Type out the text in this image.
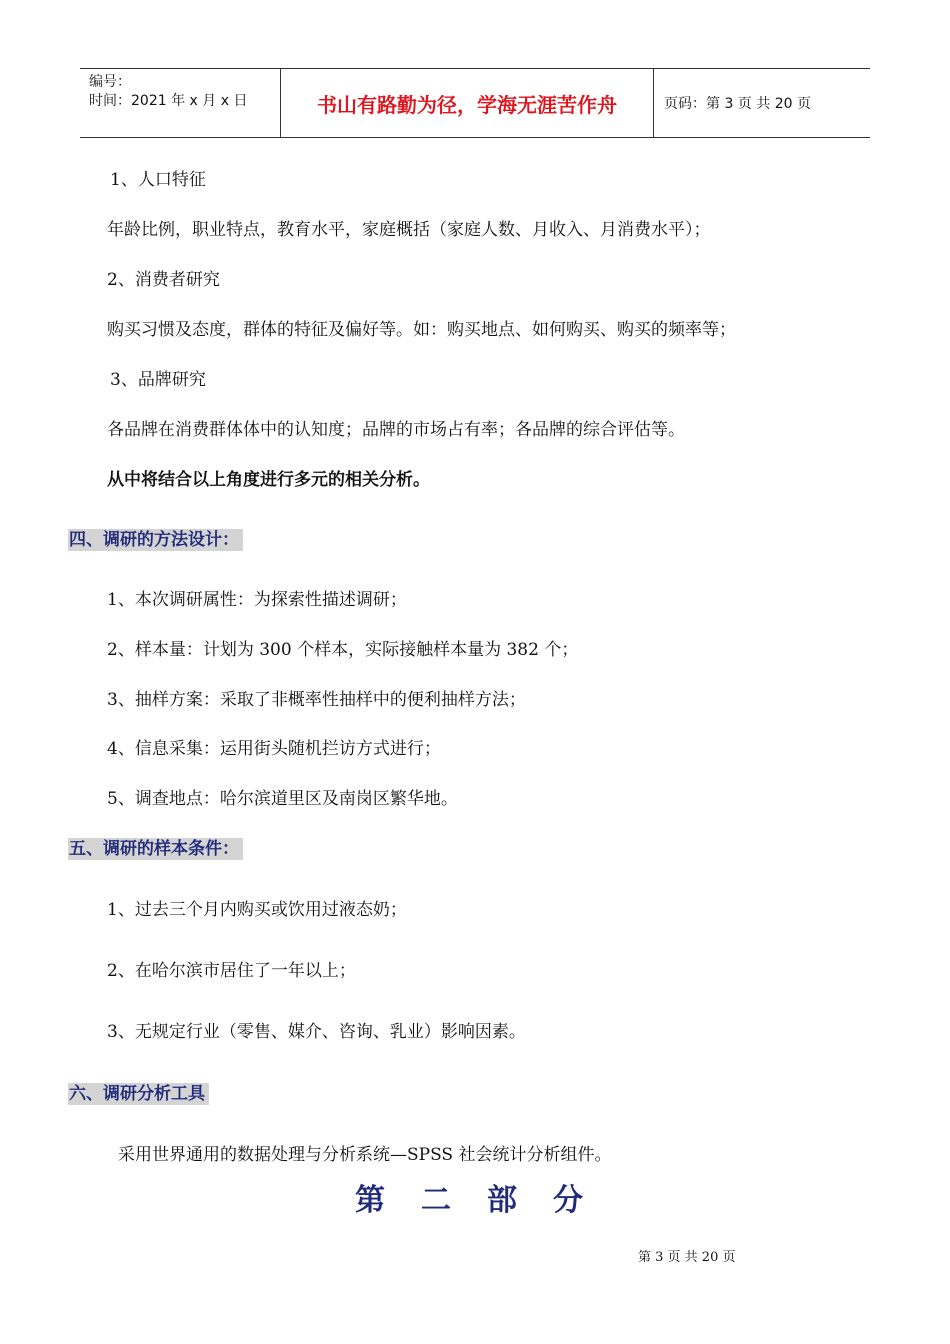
编号：
时间：2021 年 x 月 x 日	书山有路勤为径，学海无涯苦作舟	页码：第 3 页 共 20 页
1、人口特征
年龄比例，职业特点，教育水平，家庭概括（家庭人数、月收入、月消费水平）；
2、消费者研究
购买习惯及态度，群体的特征及偏好等。如：购买地点、如何购买、购买的频率等；
3、品牌研究
各品牌在消费群体体中的认知度；品牌的市场占有率；各品牌的综合评估等。
从中将结合以上角度进行多元的相关分析。
四、调研的方法设计：
1、本次调研属性：为探索性描述调研；
2、样本量：计划为 300 个样本，实际接触样本量为 382 个；
3、抽样方案：采取了非概率性抽样中的便利抽样方法；
4、信息采集：运用街头随机拦访方式进行；
5、调查地点：哈尔滨道里区及南岗区繁华地。
五、调研的样本条件：
1、过去三个月内购买或饮用过液态奶；
2、在哈尔滨市居住了一年以上；
3、无规定行业（零售、媒介、咨询、乳业）影响因素。
六、调研分析工具
采用世界通用的数据处理与分析系统—SPSS 社会统计分析组件。
第二部分
第 3 页 共 20 页
